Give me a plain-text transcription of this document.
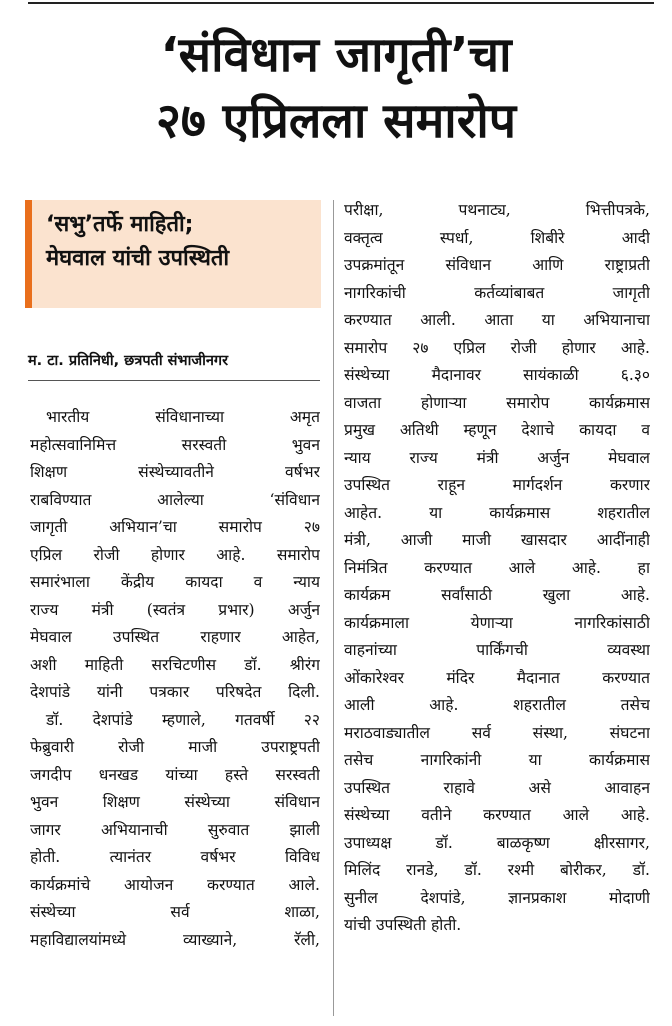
‘संविधान जागृती’चा
२७ एप्रिलला समारोप
‘सभु’तर्फे माहिती;
मेघवाल यांची उपस्थिती
म. टा. प्रतिनिधी, छत्रपती संभाजीनगर
भारतीय संविधानाच्या अमृत
महोत्सवानिमित्त सरस्वती भुवन
शिक्षण संस्थेच्यावतीने वर्षभर
राबविण्यात आलेल्या ‘संविधान
जागृती अभियान’चा समारोप २७
एप्रिल रोजी होणार आहे. समारोप
समारंभाला केंद्रीय कायदा व न्याय
राज्य मंत्री (स्वतंत्र प्रभार) अर्जुन
मेघवाल उपस्थित राहणार आहेत,
अशी माहिती सरचिटणीस डॉ. श्रीरंग
देशपांडे यांनी पत्रकार परिषदेत दिली.
डॉ. देशपांडे म्हणाले, गतवर्षी २२
फेब्रुवारी रोजी माजी उपराष्ट्रपती
जगदीप धनखड यांच्या हस्ते सरस्वती
भुवन शिक्षण संस्थेच्या संविधान
जागर अभियानाची सुरुवात झाली
होती. त्यानंतर वर्षभर विविध
कार्यक्रमांचे आयोजन करण्यात आले.
संस्थेच्या सर्व शाळा,
महाविद्यालयांमध्ये व्याख्याने, रॅली,
परीक्षा, पथनाट्य, भित्तीपत्रके,
वक्तृत्व स्पर्धा, शिबीरे आदी
उपक्रमांतून संविधान आणि राष्ट्राप्रती
नागरिकांची कर्तव्यांबाबत जागृती
करण्यात आली. आता या अभियानाचा
समारोप २७ एप्रिल रोजी होणार आहे.
संस्थेच्या मैदानावर सायंकाळी ६.३०
वाजता होणाऱ्या समारोप कार्यक्रमास
प्रमुख अतिथी म्हणून देशाचे कायदा व
न्याय राज्य मंत्री अर्जुन मेघवाल
उपस्थित राहून मार्गदर्शन करणार
आहेत. या कार्यक्रमास शहरातील
मंत्री, आजी माजी खासदार आदींनाही
निमंत्रित करण्यात आले आहे. हा
कार्यक्रम सर्वांसाठी खुला आहे.
कार्यक्रमाला येणाऱ्या नागरिकांसाठी
वाहनांच्या पार्किंगची व्यवस्था
ओंकारेश्वर मंदिर मैदानात करण्यात
आली आहे. शहरातील तसेच
मराठवाड्यातील सर्व संस्था, संघटना
तसेच नागरिकांनी या कार्यक्रमास
उपस्थित राहावे असे आवाहन
संस्थेच्या वतीने करण्यात आले आहे.
उपाध्यक्ष डॉ. बाळकृष्ण क्षीरसागर,
मिलिंद रानडे, डॉ. रश्मी बोरीकर, डॉ.
सुनील देशपांडे, ज्ञानप्रकाश मोदाणी
यांची उपस्थिती होती.
